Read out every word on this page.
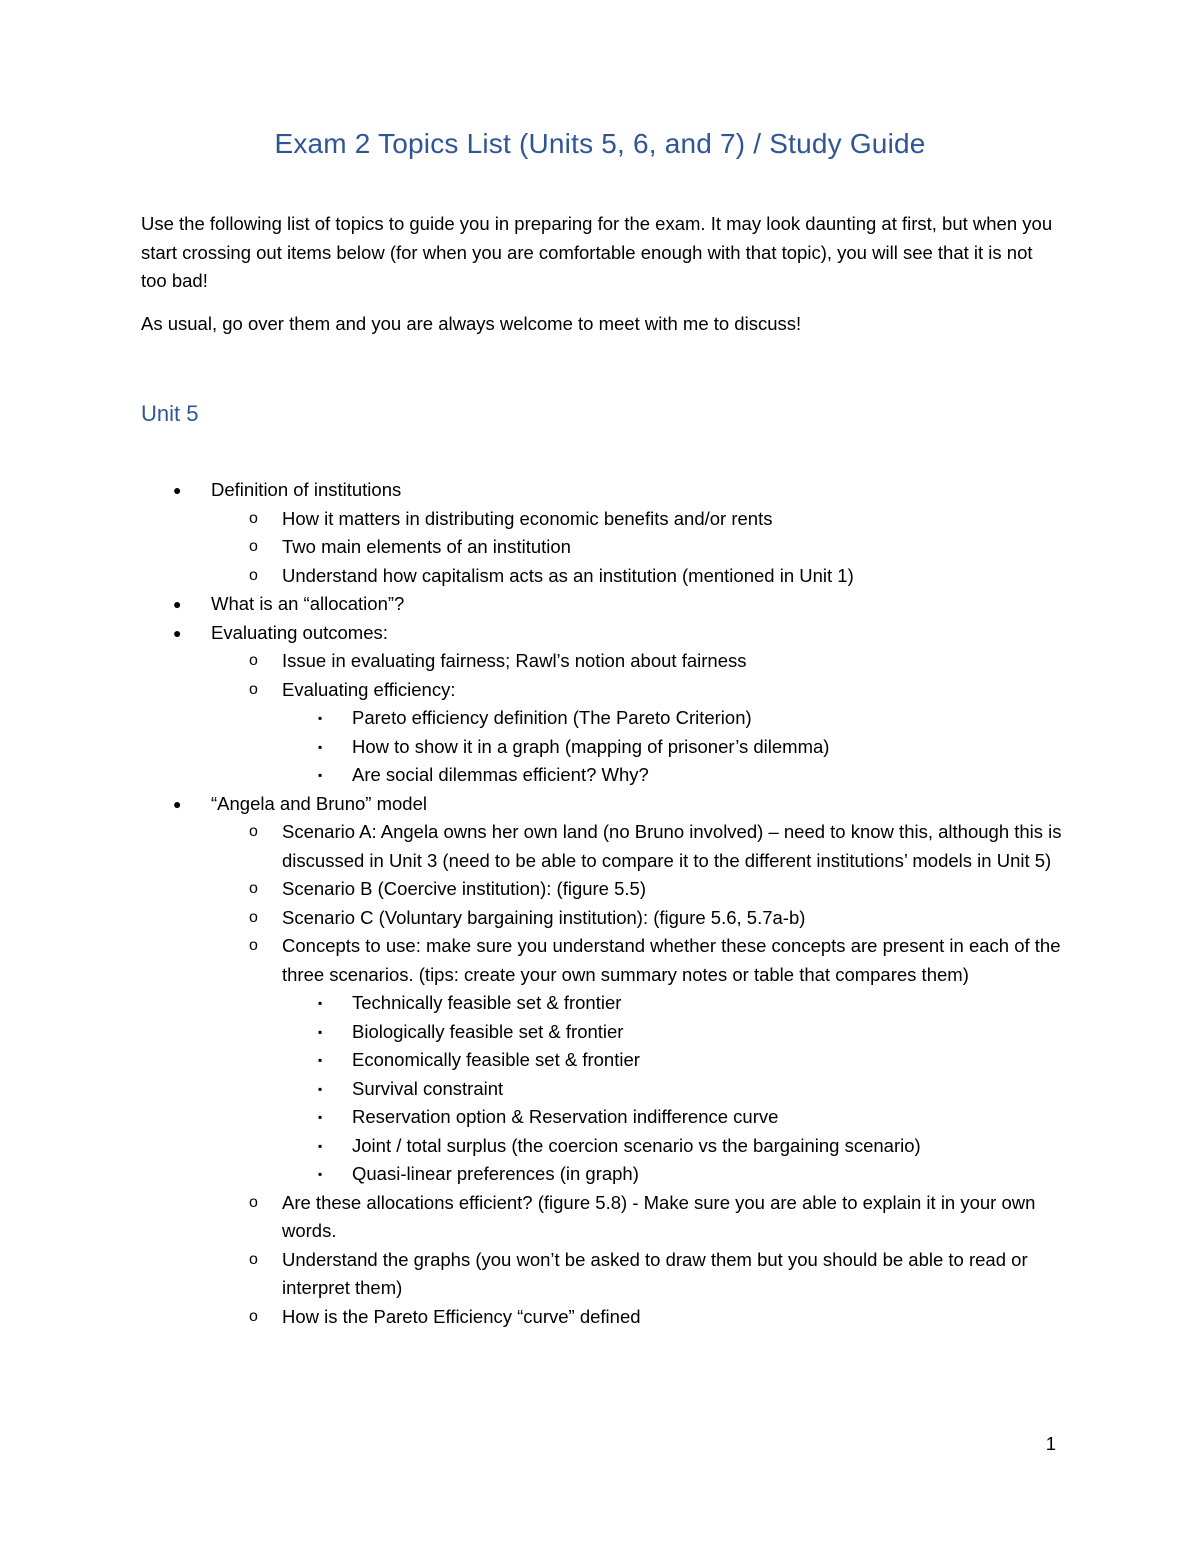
Exam 2 Topics List (Units 5, 6, and 7) / Study Guide

Use the following list of topics to guide you in preparing for the exam. It may look daunting at first, but when you start crossing out items below (for when you are comfortable enough with that topic), you will see that it is not too bad!

As usual, go over them and you are always welcome to meet with me to discuss!

Unit 5
● Definition of institutions
o How it matters in distributing economic benefits and/or rents
o Two main elements of an institution
o Understand how capitalism acts as an institution (mentioned in Unit 1)
● What is an “allocation”?
● Evaluating outcomes:
o Issue in evaluating fairness; Rawl’s notion about fairness
o Evaluating efficiency:
▪ Pareto efficiency definition (The Pareto Criterion)
▪ How to show it in a graph (mapping of prisoner’s dilemma)
▪ Are social dilemmas efficient? Why?
● “Angela and Bruno” model
o Scenario A: Angela owns her own land (no Bruno involved) – need to know this, although this is discussed in Unit 3 (need to be able to compare it to the different institutions’ models in Unit 5)
o Scenario B (Coercive institution): (figure 5.5)
o Scenario C (Voluntary bargaining institution): (figure 5.6, 5.7a-b)
o Concepts to use: make sure you understand whether these concepts are present in each of the three scenarios. (tips: create your own summary notes or table that compares them)
▪ Technically feasible set & frontier
▪ Biologically feasible set & frontier
▪ Economically feasible set & frontier
▪ Survival constraint
▪ Reservation option & Reservation indifference curve
▪ Joint / total surplus (the coercion scenario vs the bargaining scenario)
▪ Quasi-linear preferences (in graph)
o Are these allocations efficient? (figure 5.8) - Make sure you are able to explain it in your own words.
o Understand the graphs (you won’t be asked to draw them but you should be able to read or interpret them)
o How is the Pareto Efficiency “curve” defined
1
